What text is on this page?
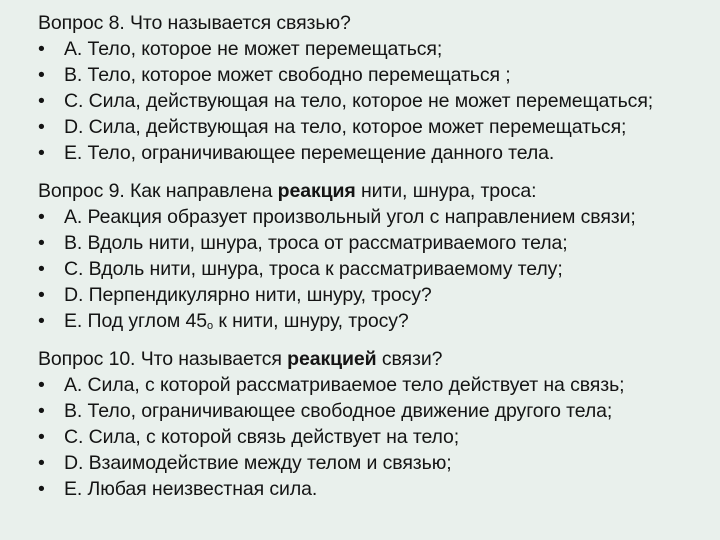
Вопрос 8. Что называется связью?
• А. Тело, которое не может перемещаться;
• В. Тело, которое может свободно перемещаться ;
• С. Сила, действующая на тело, которое не может перемещаться;
• D. Сила, действующая на тело, которое может перемещаться;
• Е. Тело, ограничивающее перемещение данного тела.
Вопрос 9. Как направлена реакция нити, шнура, троса:
• А. Реакция образует произвольный угол с направлением связи;
• В. Вдоль нити, шнура, троса от рассматриваемого тела;
• С. Вдоль нити, шнура, троса к рассматриваемому телу;
• D. Перпендикулярно нити, шнуру, тросу?
• Е. Под углом 45o к нити, шнуру, тросу?
Вопрос 10. Что называется реакцией связи?
• А. Сила, с которой рассматриваемое тело действует на связь;
• В. Тело, ограничивающее свободное движение другого тела;
• С. Сила, с которой связь действует на тело;
• D. Взаимодействие между телом и связью;
• Е. Любая неизвестная сила.
